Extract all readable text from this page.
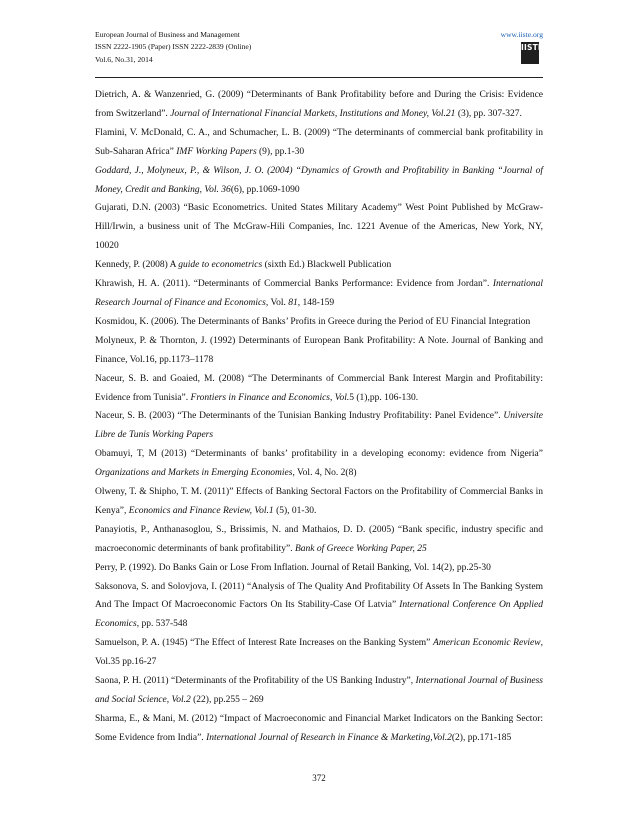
European Journal of Business and Management
ISSN 2222-1905 (Paper) ISSN 2222-2839 (Online)
Vol.6, No.31, 2014
www.iiste.org
IISTE

Dietrich, A. & Wanzenried, G. (2009) “Determinants of Bank Profitability before and During the Crisis: Evidence from Switzerland”. Journal of International Financial Markets, Institutions and Money, Vol.21 (3), pp. 307-327.

Flamini, V. McDonald, C. A., and Schumacher, L. B. (2009) “The determinants of commercial bank profitability in Sub-Saharan Africa” IMF Working Papers (9), pp.1-30

Goddard, J., Molyneux, P., & Wilson, J. O. (2004) “Dynamics of Growth and Profitability in Banking “Journal of Money, Credit and Banking, Vol. 36(6), pp.1069-1090

Gujarati, D.N. (2003) “Basic Econometrics. United States Military Academy” West Point Published by McGraw-Hill/Irwin, a business unit of The McGraw-Hili Companies, Inc. 1221 Avenue of the Americas, New York, NY, 10020

Kennedy, P. (2008) A guide to econometrics (sixth Ed.) Blackwell Publication

Khrawish, H. A. (2011). “Determinants of Commercial Banks Performance: Evidence from Jordan”. International Research Journal of Finance and Economics, Vol. 81, 148-159

Kosmidou, K. (2006). The Determinants of Banks’ Profits in Greece during the Period of EU Financial Integration

Molyneux, P. & Thornton, J. (1992) Determinants of European Bank Profitability: A Note. Journal of Banking and Finance, Vol.16, pp.1173–1178

Naceur, S. B. and Goaied, M. (2008) “The Determinants of Commercial Bank Interest Margin and Profitability: Evidence from Tunisia”. Frontiers in Finance and Economics, Vol.5 (1),pp. 106-130.

Naceur, S. B. (2003) “The Determinants of the Tunisian Banking Industry Profitability: Panel Evidence”. Universite Libre de Tunis Working Papers

Obamuyi, T, M (2013) “Determinants of banks’ profitability in a developing economy: evidence from Nigeria” Organizations and Markets in Emerging Economies, Vol. 4, No. 2(8)

Olweny, T. & Shipho, T. M. (2011)” Effects of Banking Sectoral Factors on the Profitability of Commercial Banks in Kenya”, Economics and Finance Review, Vol.1 (5), 01-30.

Panayiotis, P., Anthanasoglou, S., Brissimis, N. and Mathaios, D. D. (2005) “Bank specific, industry specific and macroeconomic determinants of bank profitability”. Bank of Greece Working Paper, 25

Perry, P. (1992). Do Banks Gain or Lose From Inflation. Journal of Retail Banking, Vol. 14(2), pp.25-30

Saksonova, S. and Solovjova, I. (2011) “Analysis of The Quality And Profitability Of Assets In The Banking System And The Impact Of Macroeconomic Factors On Its Stability-Case Of Latvia” International Conference On Applied Economics, pp. 537-548

Samuelson, P. A. (1945) “The Effect of Interest Rate Increases on the Banking System” American Economic Review, Vol.35 pp.16-27

Saona, P. H. (2011) “Determinants of the Profitability of the US Banking Industry”, International Journal of Business and Social Science, Vol.2 (22), pp.255 – 269

Sharma, E., & Mani, M. (2012) “Impact of Macroeconomic and Financial Market Indicators on the Banking Sector: Some Evidence from India”. International Journal of Research in Finance & Marketing,Vol.2(2), pp.171-185

372
